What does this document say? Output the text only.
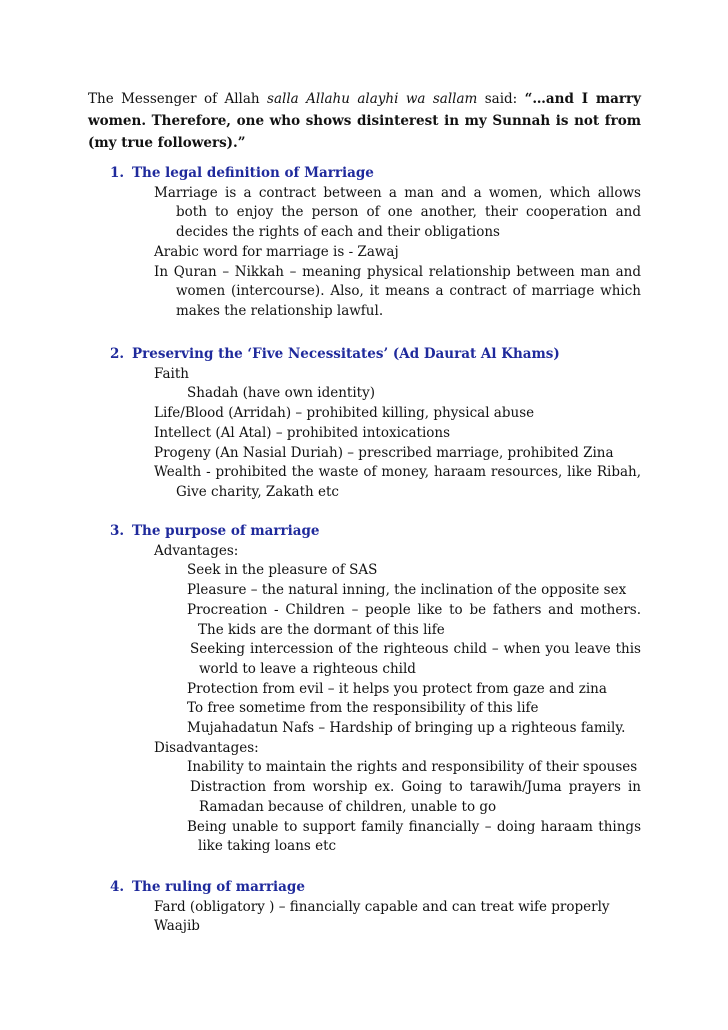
The Messenger of Allah salla Allahu alayhi wa sallam said: “…and I marry women. Therefore, one who shows disinterest in my Sunnah is not from (my true followers).”
1. The legal definition of Marriage
Marriage is a contract between a man and a women, which allows both to enjoy the person of one another, their cooperation and decides the rights of each and their obligations
Arabic word for marriage is - Zawaj
In Quran – Nikkah – meaning physical relationship between man and women (intercourse). Also, it means a contract of marriage which makes the relationship lawful.
2. Preserving the ‘Five Necessitates’ (Ad Daurat Al Khams)
Faith
Shadah (have own identity)
Life/Blood (Arridah) – prohibited killing, physical abuse
Intellect (Al Atal) – prohibited intoxications
Progeny (An Nasial Duriah) – prescribed marriage, prohibited Zina
Wealth - prohibited the waste of money, haraam resources, like Ribah, Give charity, Zakath etc
3. The purpose of marriage
Advantages:
Seek in the pleasure of SAS
Pleasure – the natural inning, the inclination of the opposite sex
Procreation - Children – people like to be fathers and mothers. The kids are the dormant of this life
Seeking intercession of the righteous child – when you leave this world to leave a righteous child
Protection from evil – it helps you protect from gaze and zina
To free sometime from the responsibility of this life
Mujahadatun Nafs – Hardship of bringing up a righteous family.
Disadvantages:
Inability to maintain the rights and responsibility of their spouses
Distraction from worship ex. Going to tarawih/Juma prayers in Ramadan because of children, unable to go
Being unable to support family financially – doing haraam things like taking loans etc
4. The ruling of marriage
Fard (obligatory ) – financially capable and can treat wife properly
Waajib
